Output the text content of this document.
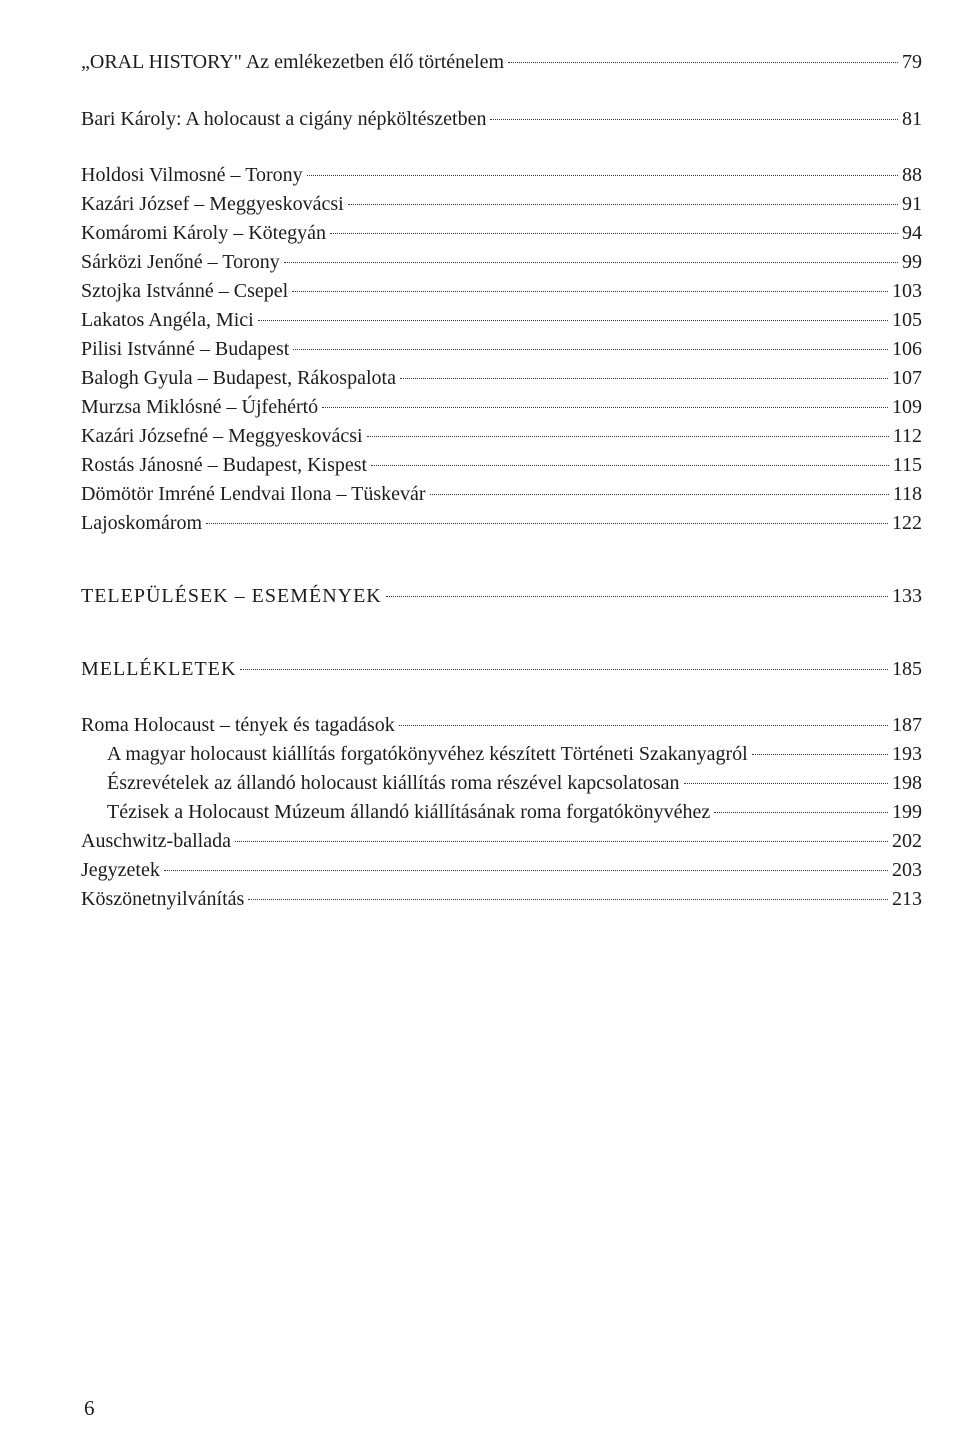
„ORAL HISTORY" Az emlékezetben élő történelem	79
Bari Károly: A holocaust a cigány népköltészetben	81
Holdosi Vilmosné – Torony	88
Kazári József – Meggyeskovácsi	91
Komáromi Károly – Kötegyán	94
Sárközi Jenőné – Torony	99
Sztojka Istvánné – Csepel	103
Lakatos Angéla, Mici	105
Pilisi Istvánné – Budapest	106
Balogh Gyula – Budapest, Rákospalota	107
Murzsa Miklósné – Újfehértó	109
Kazári Józsefné – Meggyeskovácsi	112
Rostás Jánosné – Budapest, Kispest	115
Dömötör Imréné Lendvai Ilona – Tüskevár	118
Lajoskomárom	122
TELEPÜLÉSEK – ESEMÉNYEK	133
MELLÉKLETEK	185
Roma Holocaust – tények és tagadások	187
A magyar holocaust kiállítás forgatókönyvéhez készített Történeti Szakanyagról	193
Észrevételek az állandó holocaust kiállítás roma részével kapcsolatosan	198
Tézisek a Holocaust Múzeum állandó kiállításának roma forgatókönyvéhez	199
Auschwitz-ballada	202
Jegyzetek	203
Köszönetnyilvánítás	213
6
